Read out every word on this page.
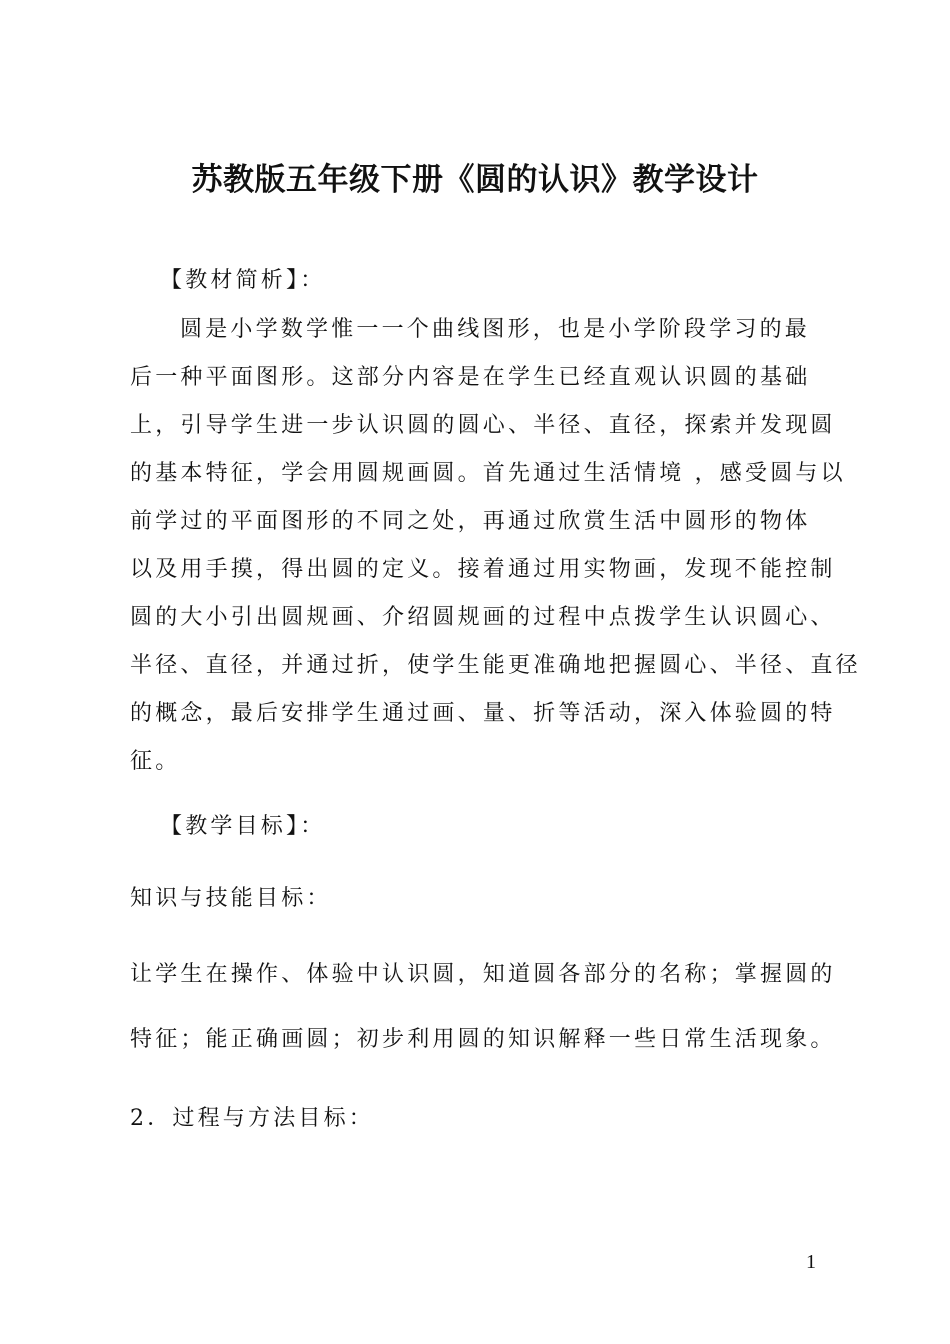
苏教版五年级下册《圆的认识》教学设计
【教材简析】：
圆是小学数学惟一一个曲线图形，也是小学阶段学习的最
后一种平面图形。这部分内容是在学生已经直观认识圆的基础
上，引导学生进一步认识圆的圆心、半径、直径，探索并发现圆
的基本特征，学会用圆规画圆。首先通过生活情境 ，感受圆与以
前学过的平面图形的不同之处，再通过欣赏生活中圆形的物体
以及用手摸，得出圆的定义。接着通过用实物画，发现不能控制
圆的大小引出圆规画、介绍圆规画的过程中点拨学生认识圆心、
半径、直径，并通过折，使学生能更准确地把握圆心、半径、直径
的概念，最后安排学生通过画、量、折等活动，深入体验圆的特
征。
【教学目标】：
知识与技能目标：
让学生在操作、体验中认识圆，知道圆各部分的名称；掌握圆的
特征；能正确画圆；初步利用圆的知识解释一些日常生活现象。
2．过程与方法目标：
1
